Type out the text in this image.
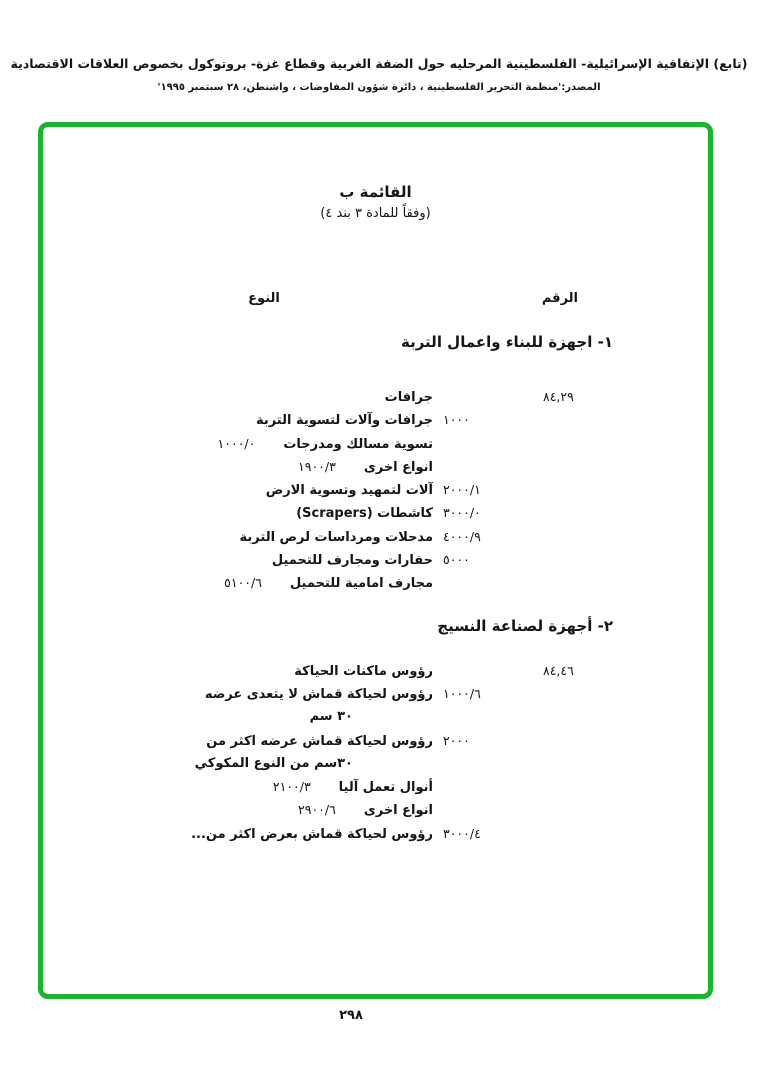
(تابع) الإتفاقية الإسرائيلية- الفلسطينية المرحليه حول الضفة الغربية وقطاع غزة- بروتوكول بخصوص العلاقات الاقتصادية
المصدر:'منظمة التحرير الفلسطينية ، دائرة شؤون المفاوضات ، واشنطن، ٢٨ سبتمبر ١٩٩٥'
القائمة ب
(وفقاً للمادة ٣ بند ٤)
الرقم
النوع
١- اجهزة للبناء واعمال التربة
٨٤,٢٩
جرافات
١٠٠٠
جرافات وآلات لتسوية التربة
تسوية مسالك ومدرجات١٠٠٠/٠
انواع اخرى١٩٠٠/٣
٢٠٠٠/١
آلات لتمهيد وتسوية الارض
٣٠٠٠/٠
كاشطات (Scrapers)
٤٠٠٠/٩
مدحلات ومرداسات لرص التربة
٥٠٠٠
حفارات ومجارف للتحميل
مجارف امامية للتحميل٥١٠٠/٦
٢- أجهزة لصناعة النسيج
٨٤,٤٦
رؤوس ماكنات الحياكة
١٠٠٠/٦
رؤوس لحياكة قماش لا يتعدى عرضه
٣٠ سم
٢٠٠٠
رؤوس لحياكة قماش عرضه اكثر من
٣٠سم من النوع المكوكي
أنوال تعمل آليا٢١٠٠/٣
انواع اخرى٢٩٠٠/٦
٣٠٠٠/٤
رؤوس لحياكة قماش بعرض اكثر من...
٢٩٨
